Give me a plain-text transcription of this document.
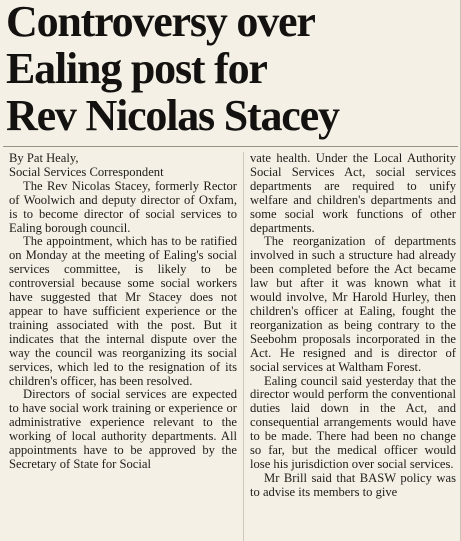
Controversy over
Ealing post for
Rev Nicolas Stacey

By Pat Healy,

Social Services Correspondent

The Rev Nicolas Stacey, formerly Rector of Woolwich and deputy director of Oxfam, is to become director of social services to Ealing borough council.

The appointment, which has to be ratified on Monday at the meeting of Ealing's social services committee, is likely to be controversial because some social workers have suggested that Mr Stacey does not appear to have sufficient experience or the training associated with the post. But it indicates that the internal dispute over the way the council was reorganizing its social services, which led to the resignation of its children's officer, has been resolved.

Directors of social services are expected to have social work training or experience or administrative experience relevant to the working of local authority departments. All appointments have to be approved by the Secretary of State for Social

vate health. Under the Local Authority Social Services Act, social services departments are required to unify welfare and children's departments and some social work functions of other departments.

The reorganization of departments involved in such a structure had already been completed before the Act became law but after it was known what it would involve, Mr Harold Hurley, then children's officer at Ealing, fought the reorganization as being contrary to the Seebohm proposals incorporated in the Act. He resigned and is director of social services at Waltham Forest.

Ealing council said yesterday that the director would perform the conventional duties laid down in the Act, and consequential arrangements would have to be made. There had been no change so far, but the medical officer would lose his jurisdiction over social services.

Mr Brill said that BASW policy was to advise its members to give
